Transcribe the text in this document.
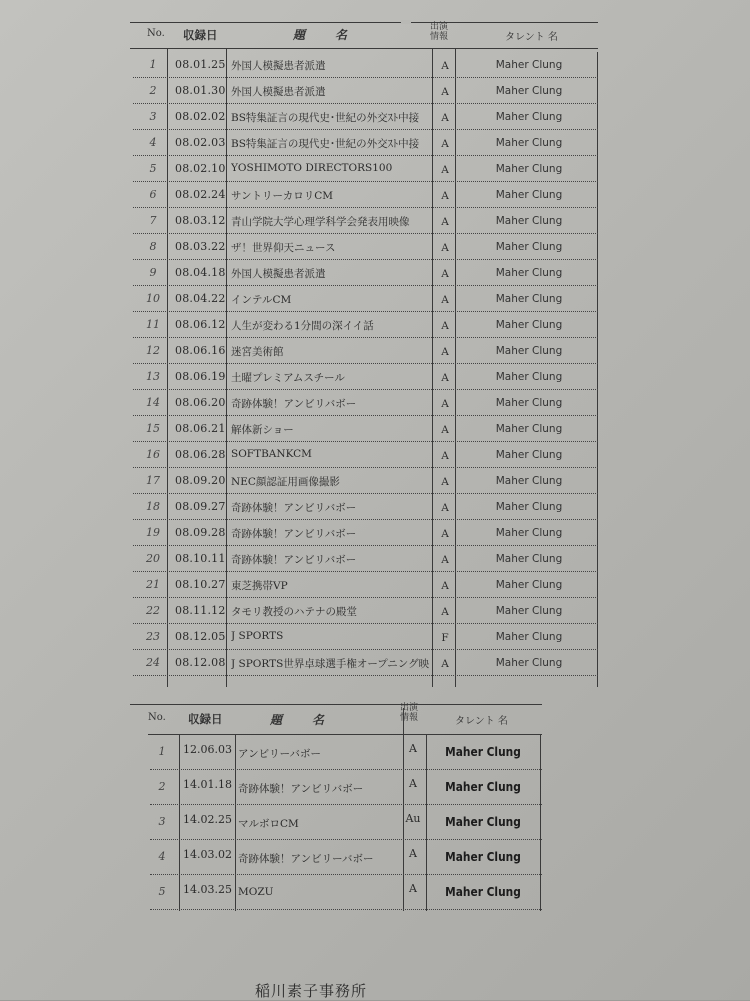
No. 収録日	題　　名
出演
情報	タレント 名
1	08.01.25 外国人模擬患者派遣	A	Maher Clung
2	08.01.30 外国人模擬患者派遣	A	Maher Clung
3	08.02.02 BS特集証言の現代史･世紀の外交ｽﾄ中接	A	Maher Clung
4	08.02.03 BS特集証言の現代史･世紀の外交ｽﾄ中接	A	Maher Clung
5	08.02.10 YOSHIMOTO DIRECTORS100	A	Maher Clung
6	08.02.24 サントリーカロリCM	A	Maher Clung
7	08.03.12 青山学院大学心理学科学会発表用映像	A	Maher Clung
8	08.03.22 ザ！世界仰天ニュース	A	Maher Clung
9	08.04.18 外国人模擬患者派遣	A	Maher Clung
10 08.04.22 インテルCM	A	Maher Clung
11 08.06.12 人生が変わる1分間の深イイ話	A	Maher Clung
12 08.06.16 迷宮美術館	A	Maher Clung
13 08.06.19 土曜プレミアムスチール	A	Maher Clung
14 08.06.20 奇跡体験！アンビリバボー	A	Maher Clung
15 08.06.21 解体新ショー	A	Maher Clung
16 08.06.28 SOFTBANKCM	A	Maher Clung
17 08.09.20 NEC顔認証用画像撮影	A	Maher Clung
18 08.09.27 奇跡体験！アンビリバボー	A	Maher Clung
19 08.09.28 奇跡体験！アンビリバボー	A	Maher Clung
20 08.10.11 奇跡体験！アンビリバボー	A	Maher Clung
21 08.10.27 東芝携帯VP	A	Maher Clung
22 08.11.12 タモリ教授のハテナの殿堂	A	Maher Clung
23 08.12.05 J SPORTS	F	Maher Clung
24 08.12.08 J SPORTS世界卓球選手権オープニング映	A	Maher Clung
No. 収録日	題　　名
出演
情報	タレント 名
1	12.06.03 アンビリーバボー	A	Maher Clung
2	14.01.18 奇跡体験！アンビリバボー	A	Maher Clung
3	14.02.25 マルボロCM	Au	Maher Clung
4	14.03.02 奇跡体験！アンビリーバボー	A	Maher Clung
5	14.03.25 MOZU	A	Maher Clung
稲川素子事務所
